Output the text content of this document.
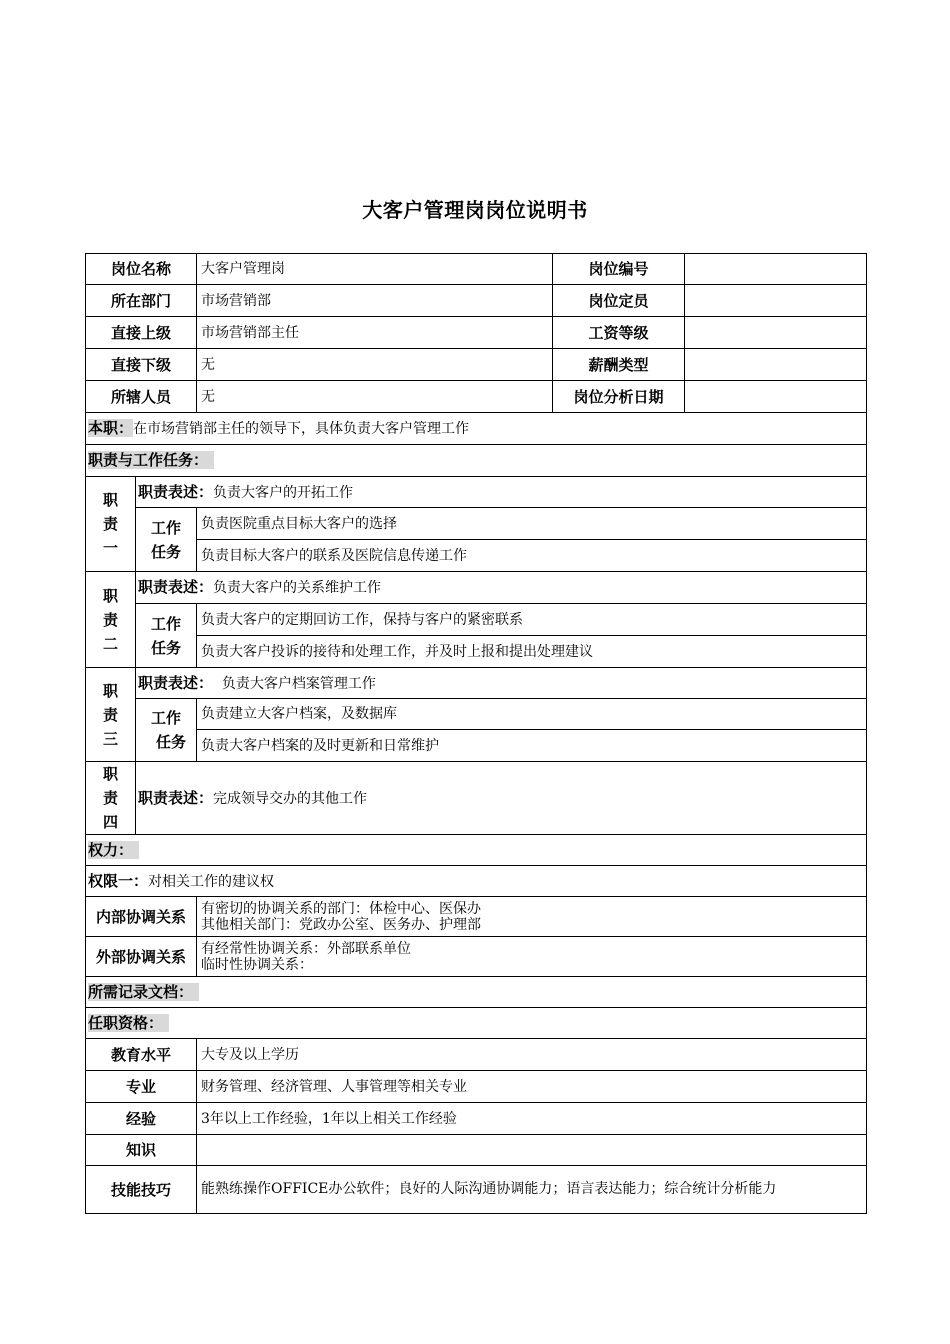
大客户管理岗岗位说明书
岗位名称		大客户管理岗	岗位编号	
所在部门		市场营销部	岗位定员	
直接上级		市场营销部主任	工资等级	
直接下级		无	薪酬类型	
所辖人员		无	岗位分析日期	
本职：在市场营销部主任的领导下，具体负责大客户管理工作				
职责与工作任务：				

职
责
一	职责表述：负责大客户的开拓工作			

	工作
任务	负责医院重点目标大客户的选择		
		负责目标大客户的联系及医院信息传递工作		

职
责
二	职责表述：负责大客户的关系维护工作			

	工作
任务	负责大客户的定期回访工作，保持与客户的紧密联系		
		负责大客户投诉的接待和处理工作，并及时上报和提出处理建议		

职
责
三	职责表述：  负责大客户档案管理工作			

	工作
任务	负责建立大客户档案，及数据库		
		负责大客户档案的及时更新和日常维护		

职
责
四	职责表述：完成领导交办的其他工作			
权力：				
权限一：对相关工作的建议权				
内部协调关系		有密切的协调关系的部门：体检中心、医保办
其他相关部门：党政办公室、医务办、护理部		

外部协调关系		有经常性协调关系：外部联系单位
临时性协调关系：		

所需记录文档：				
任职资格：				
教育水平		大专及以上学历		
专业		财务管理、经济管理、人事管理等相关专业		
经验		3年以上工作经验，1年以上相关工作经验		
知识				
技能技巧		能熟练操作OFFICE办公软件；良好的人际沟通协调能力；语言表达能力；综合统计分析能力		
